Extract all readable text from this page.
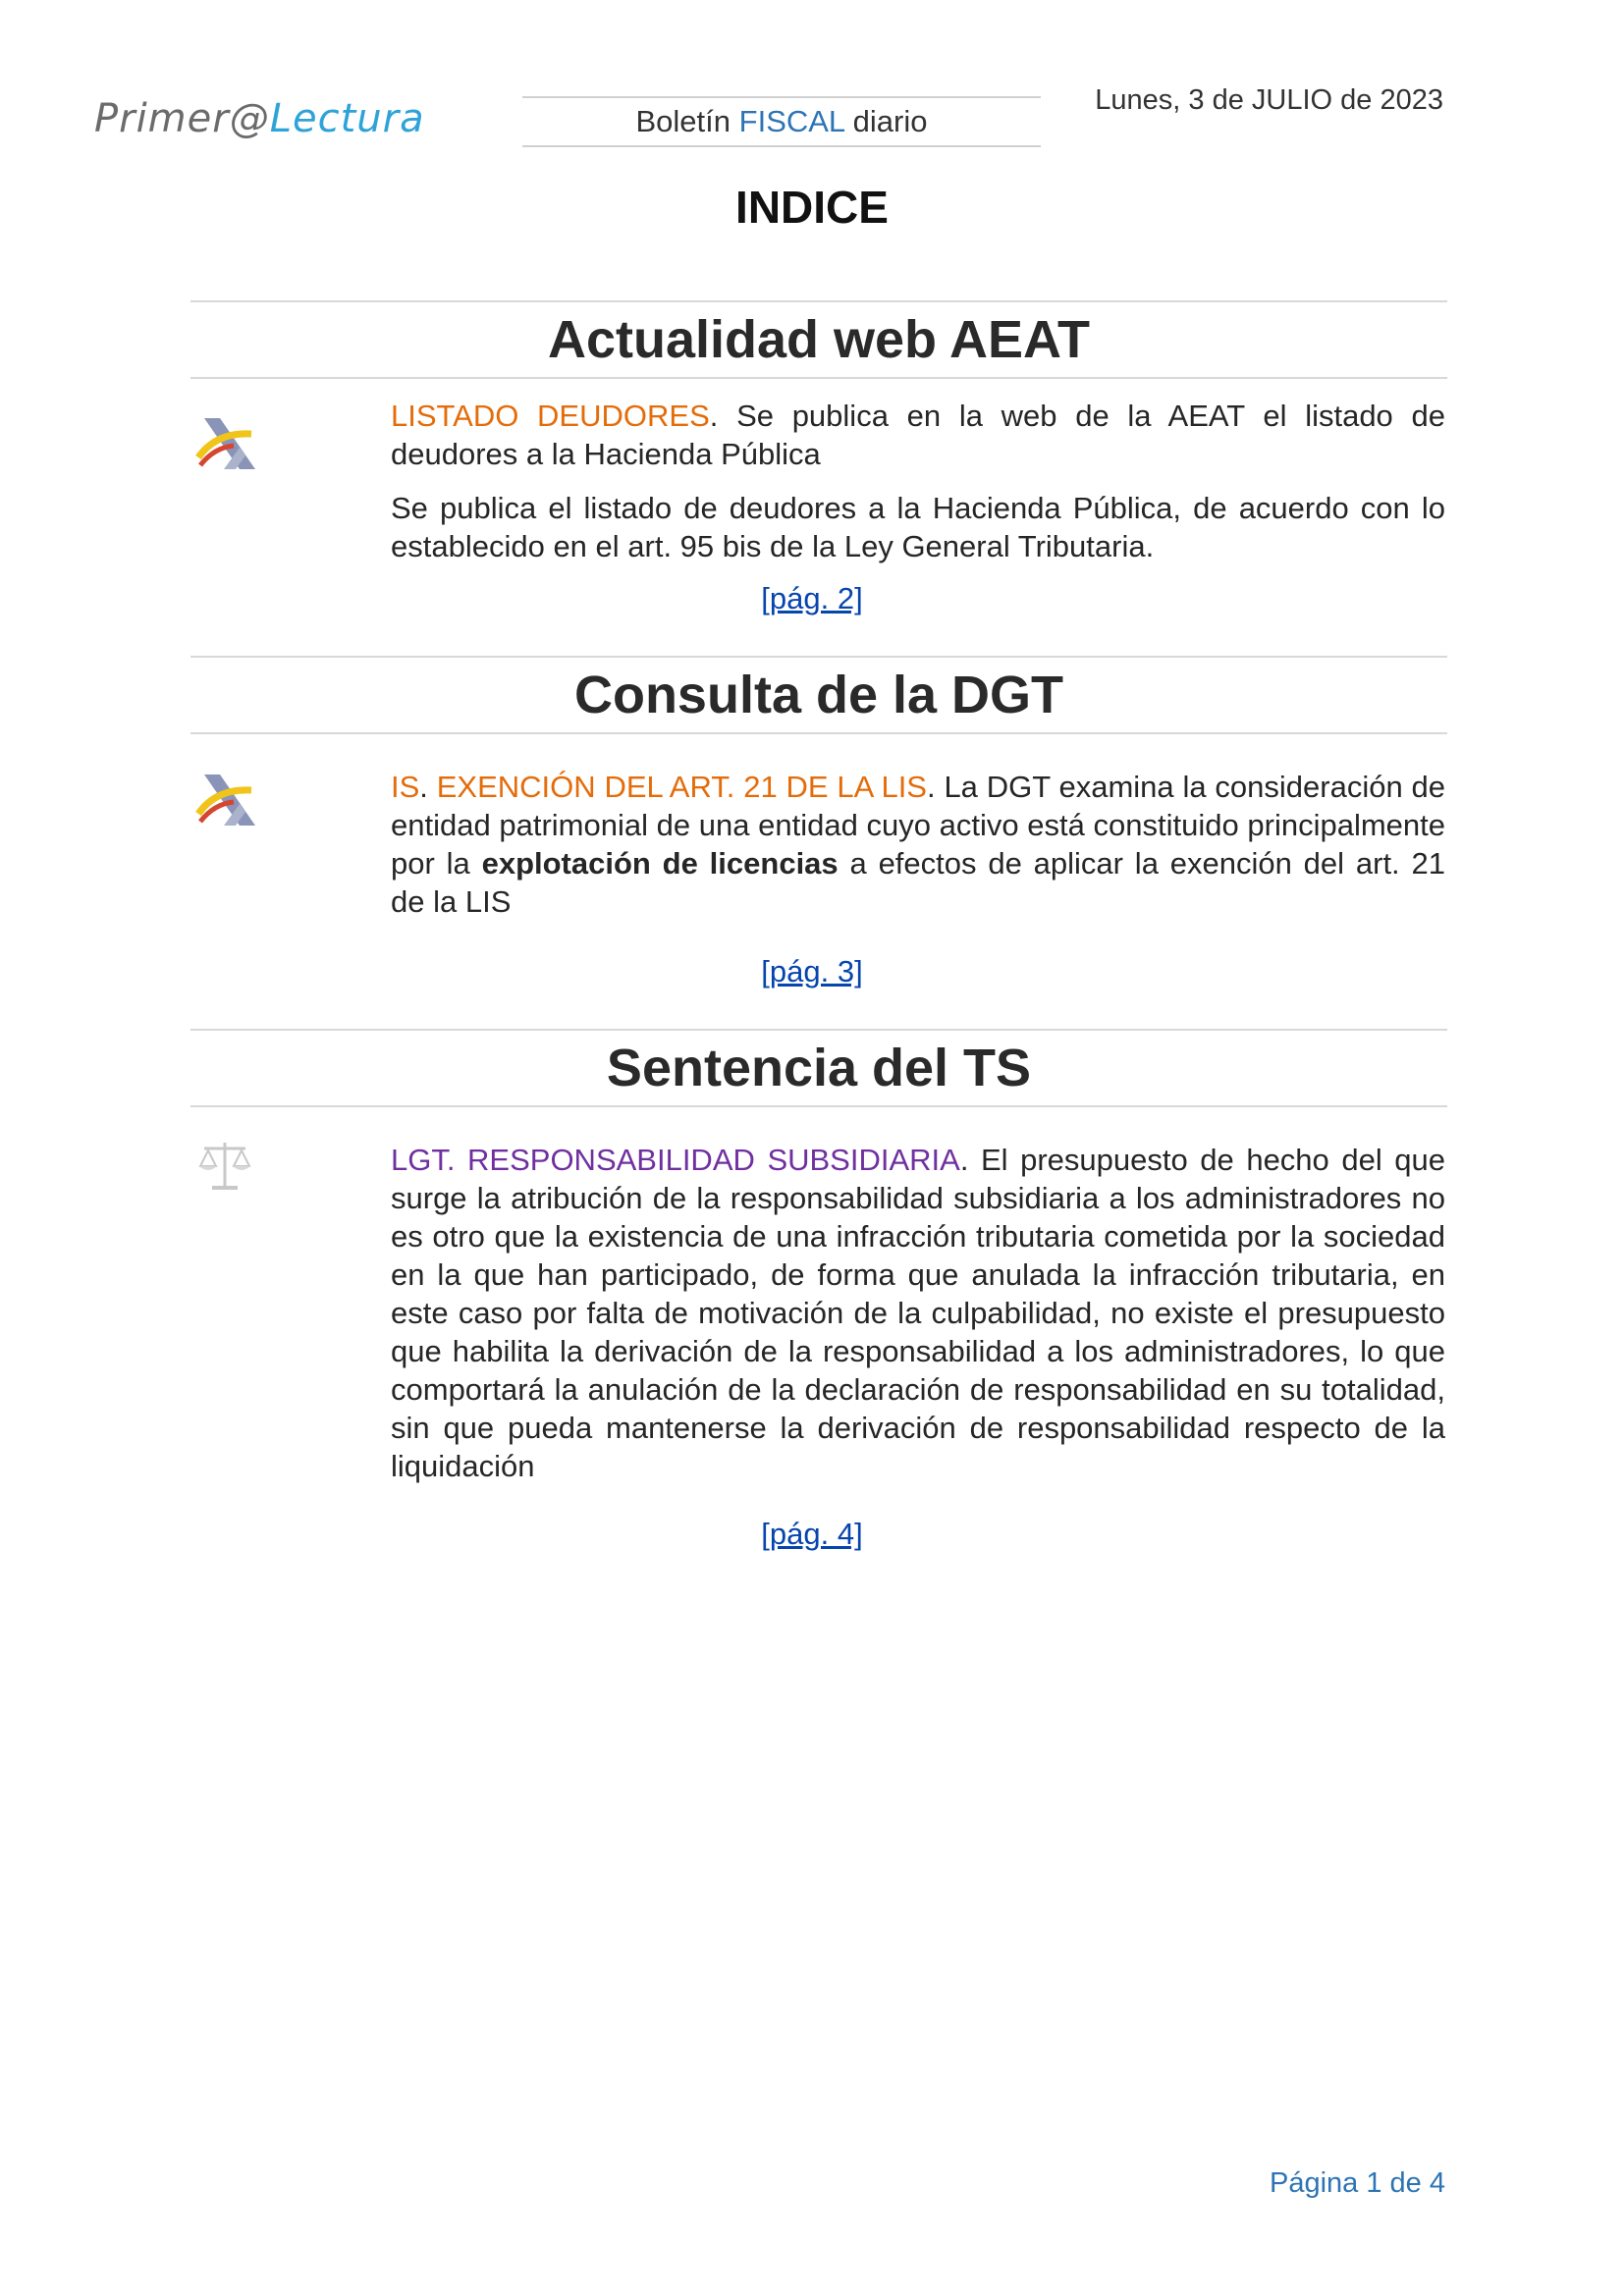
Primer@Lectura	Boletín FISCAL diario
Lunes, 3 de JULIO de 2023
INDICE
Actualidad web AEAT

LISTADO DEUDORES. Se publica en la web de la AEAT el listado de deudores a la Hacienda Pública

Se publica el listado de deudores a la Hacienda Pública, de acuerdo con lo establecido en el art. 95 bis de la Ley General Tributaria.

[pág. 2]
Consulta de la DGT

IS. EXENCIÓN DEL ART. 21 DE LA LIS. La DGT examina la consideración de entidad patrimonial de una entidad cuyo activo está constituido principalmente por la explotación de licencias a efectos de aplicar la exención del art. 21 de la LIS

[pág. 3]
Sentencia del TS

LGT. RESPONSABILIDAD SUBSIDIARIA. El presupuesto de hecho del que surge la atribución de la responsabilidad subsidiaria a los administradores no es otro que la existencia de una infracción tributaria cometida por la sociedad en la que han participado, de forma que anulada la infracción tributaria, en este caso por falta de motivación de la culpabilidad, no existe el presupuesto que habilita la derivación de la responsabilidad a los administradores, lo que comportará la anulación de la declaración de responsabilidad en su totalidad, sin que pueda mantenerse la derivación de responsabilidad respecto de la liquidación

[pág. 4]
Página 1 de 4
